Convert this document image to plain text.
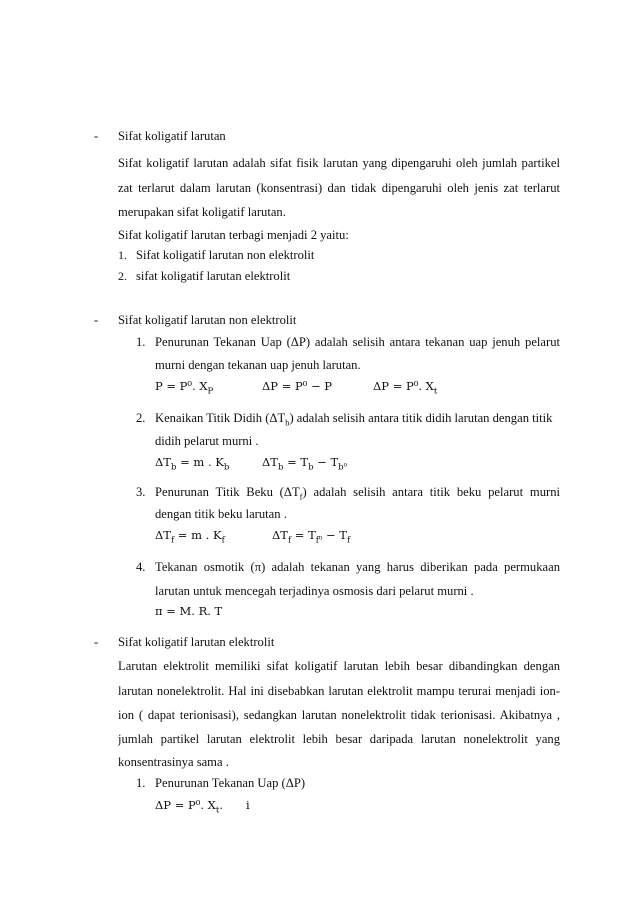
- Sifat koligatif larutan
Sifat koligatif larutan adalah sifat fisik larutan yang dipengaruhi oleh jumlah partikel
zat terlarut dalam larutan (konsentrasi) dan tidak dipengaruhi oleh jenis zat terlarut
merupakan sifat koligatif larutan.
Sifat koligatif larutan terbagi menjadi 2 yaitu:
1. Sifat koligatif larutan non elektrolit
2. sifat koligatif larutan elektrolit
- Sifat koligatif larutan non elektrolit
1. Penurunan Tekanan Uap (ΔP) adalah selisih antara tekanan uap jenuh pelarut
murni dengan tekanan uap jenuh larutan.
P = P⁰. $X_P$	ΔP = P⁰ − P	ΔP = P⁰. $X_t$
2. Kenaikan Titik Didih $(\Delta T_b)$ adalah selisih antara titik didih larutan dengan titik
didih pelarut murni .
$\Delta T_b = m$ . $K_b$	$\Delta T_b = T_b - T_{b^0}$
3. Penurunan Titik Beku $(\Delta T_f)$ adalah selisih antara titik beku pelarut murni
dengan titik beku larutan .
$\Delta T_f = m$ . $K_f$	$\Delta T_f = T_{f^0} - T_f$
4. Tekanan osmotik (π) adalah tekanan yang harus diberikan pada permukaan
larutan untuk mencegah terjadinya osmosis dari pelarut murni .
π = M. R. T
- Sifat koligatif larutan elektrolit
Larutan elektrolit memiliki sifat koligatif larutan lebih besar dibandingkan dengan
larutan nonelektrolit. Hal ini disebabkan larutan elektrolit mampu terurai menjadi ion-
ion ( dapat terionisasi), sedangkan larutan nonelektrolit tidak terionisasi. Akibatnya ,
jumlah partikel larutan elektrolit lebih besar daripada larutan nonelektrolit yang
konsentrasinya sama .
1. Penurunan Tekanan Uap (ΔP)
ΔP = P⁰. $X_t$. i
